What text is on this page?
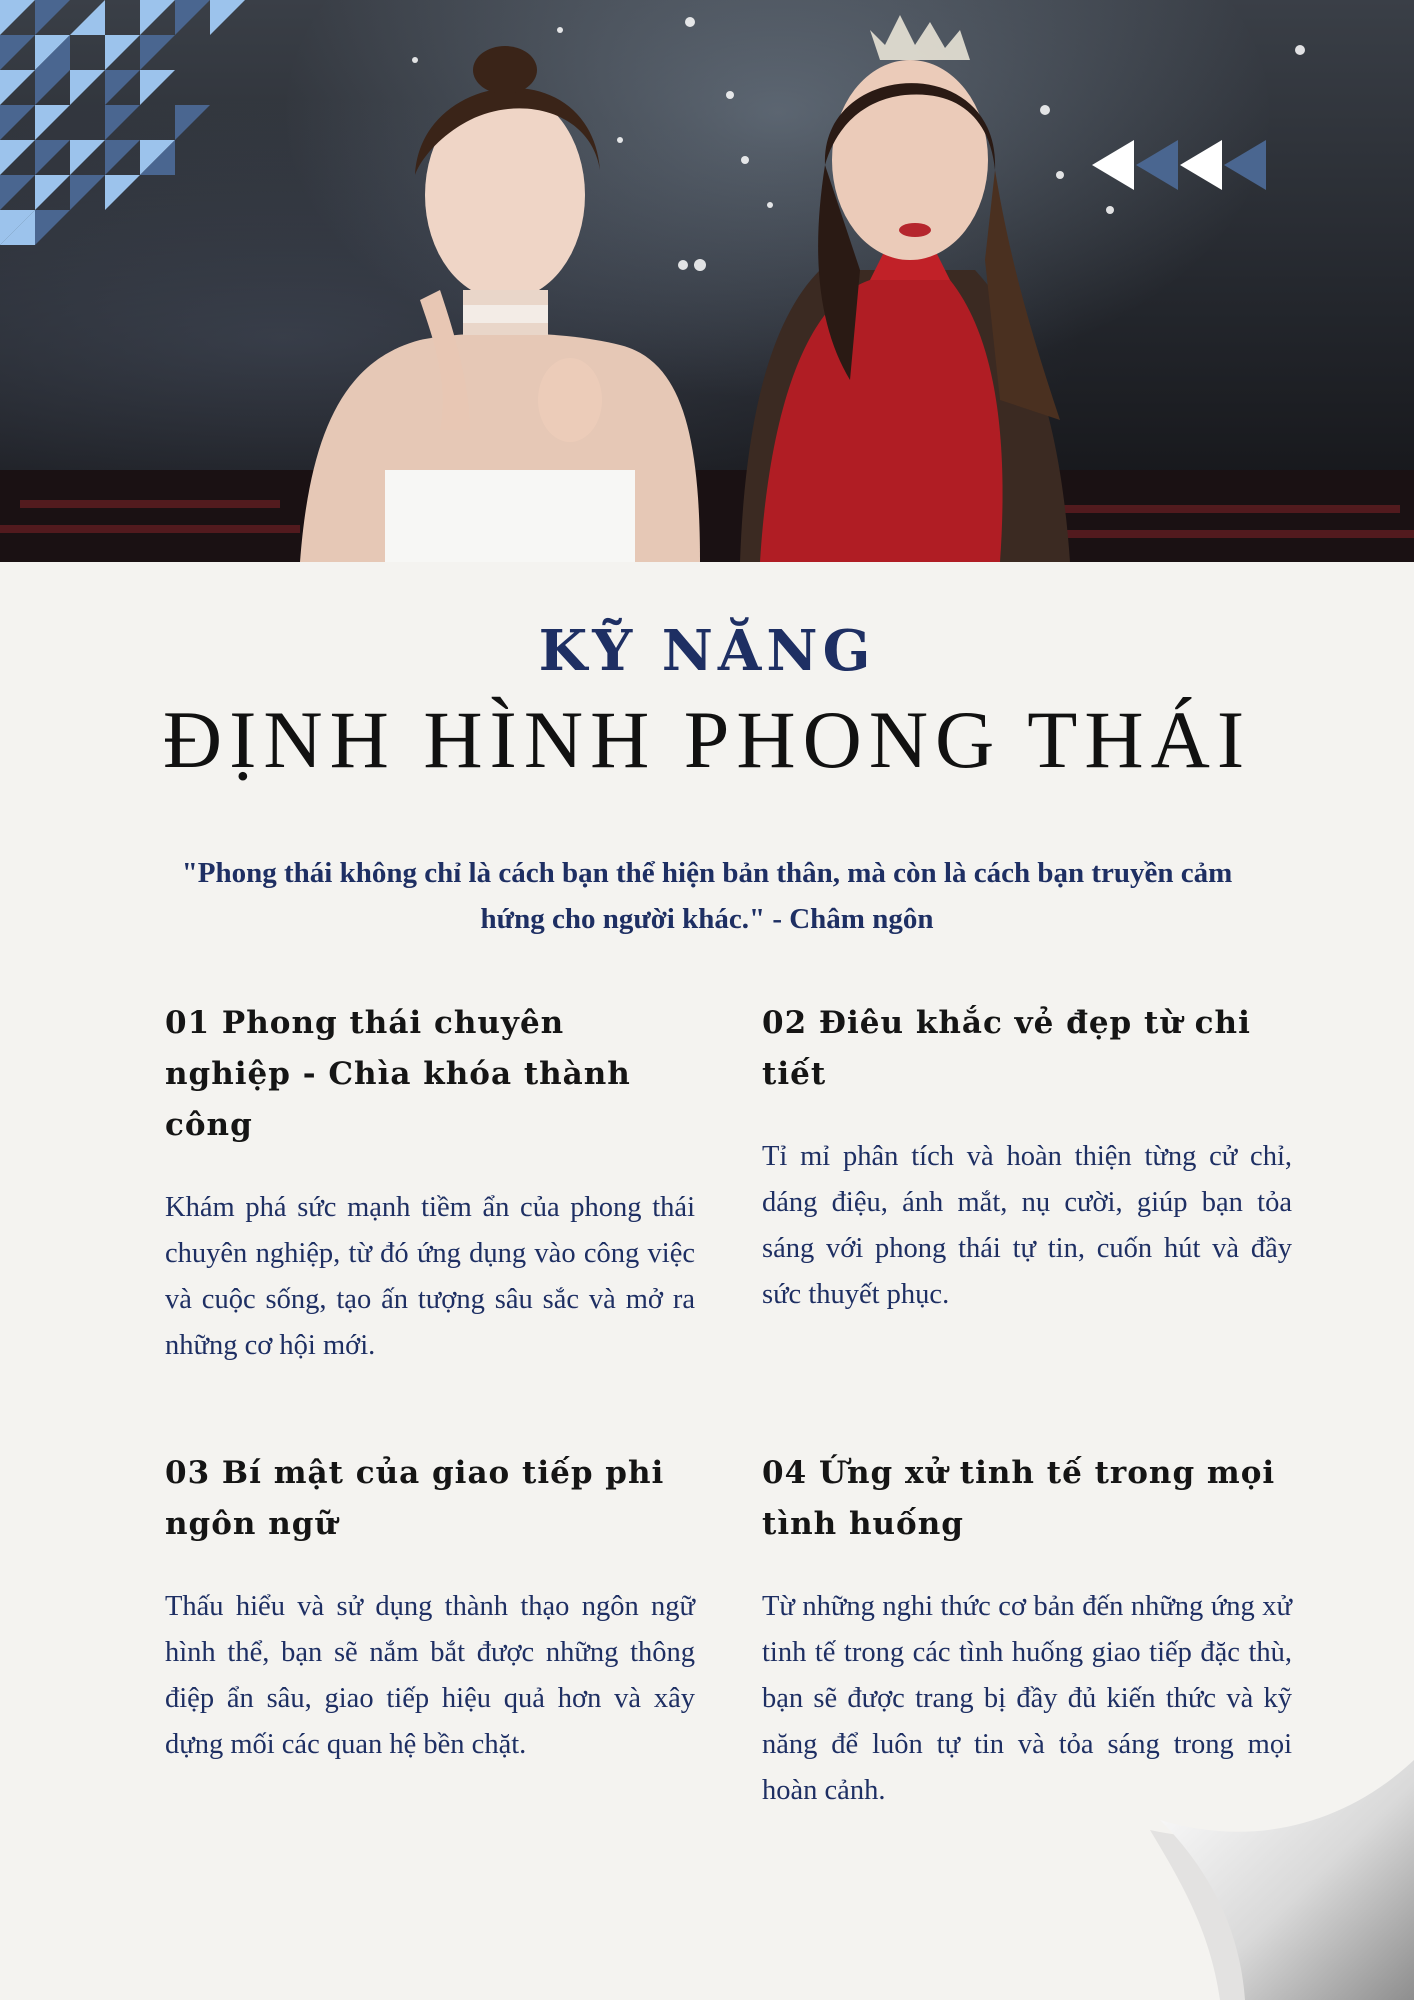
KỸ NĂNG
ĐỊNH HÌNH PHONG THÁI
"Phong thái không chỉ là cách bạn thể hiện bản thân, mà còn là cách bạn truyền cảm hứng cho người khác." - Châm ngôn
01 Phong thái chuyên nghiệp - Chìa khóa thành công
Khám phá sức mạnh tiềm ẩn của phong thái chuyên nghiệp, từ đó ứng dụng vào công việc và cuộc sống, tạo ấn tượng sâu sắc và mở ra những cơ hội mới.
02 Điêu khắc vẻ đẹp từ chi tiết
Tỉ mỉ phân tích và hoàn thiện từng cử chỉ, dáng điệu, ánh mắt, nụ cười, giúp bạn tỏa sáng với phong thái tự tin, cuốn hút và đầy sức thuyết phục.
03 Bí mật của giao tiếp phi ngôn ngữ
Thấu hiểu và sử dụng thành thạo ngôn ngữ hình thể, bạn sẽ nắm bắt được những thông điệp ẩn sâu, giao tiếp hiệu quả hơn và xây dựng mối các quan hệ bền chặt.
04 Ứng xử tinh tế trong mọi tình huống
Từ những nghi thức cơ bản đến những ứng xử tinh tế trong các tình huống giao tiếp đặc thù, bạn sẽ được trang bị đầy đủ kiến thức và kỹ năng để luôn tự tin và tỏa sáng trong mọi hoàn cảnh.
